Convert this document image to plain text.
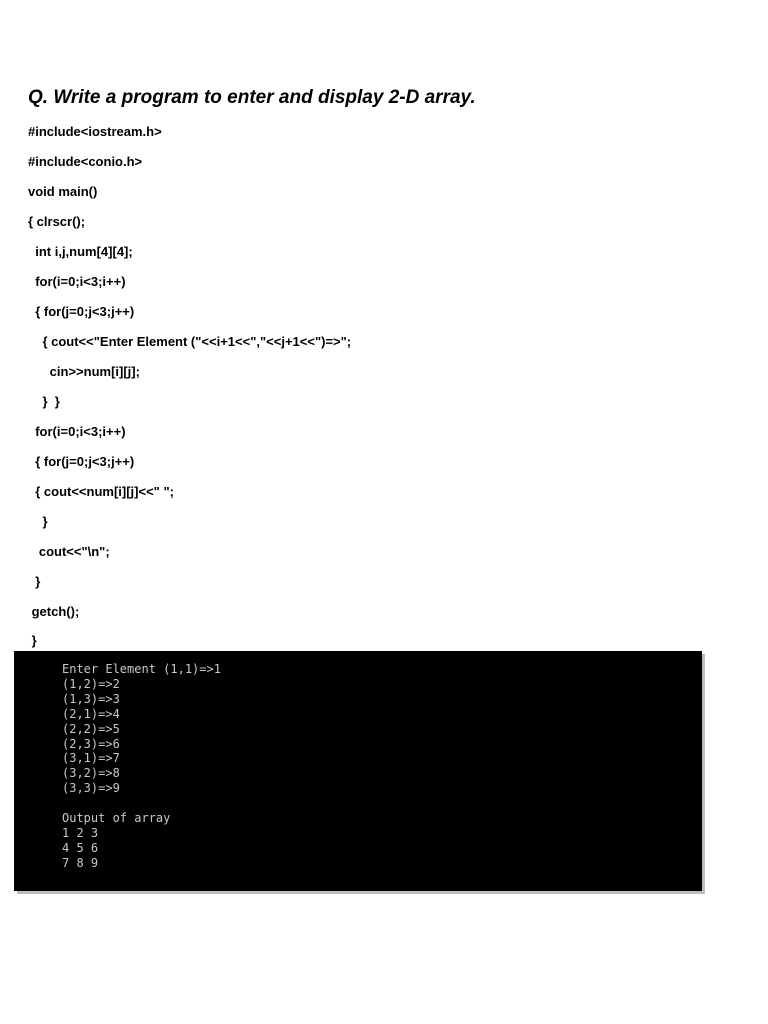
Q. Write a program to enter and display 2-D array.
#include<iostream.h>
#include<conio.h>
void main()
{ clrscr();
int i,j,num[4][4];
for(i=0;i<3;i++)
{ for(j=0;j<3;j++)
{ cout<<"Enter Element ("<<i+1<<","<<j+1<<")=>";
cin>>num[i][j];
}  }
for(i=0;i<3;i++)
{ for(j=0;j<3;j++)
{ cout<<num[i][j]<<" ";
}
cout<<"\n";
}
getch();
}
Enter Element (1,1)=>1
(1,2)=>2
(1,3)=>3
(2,1)=>4
(2,2)=>5
(2,3)=>6
(3,1)=>7
(3,2)=>8
(3,3)=>9

Output of array
1 2 3
4 5 6
7 8 9
